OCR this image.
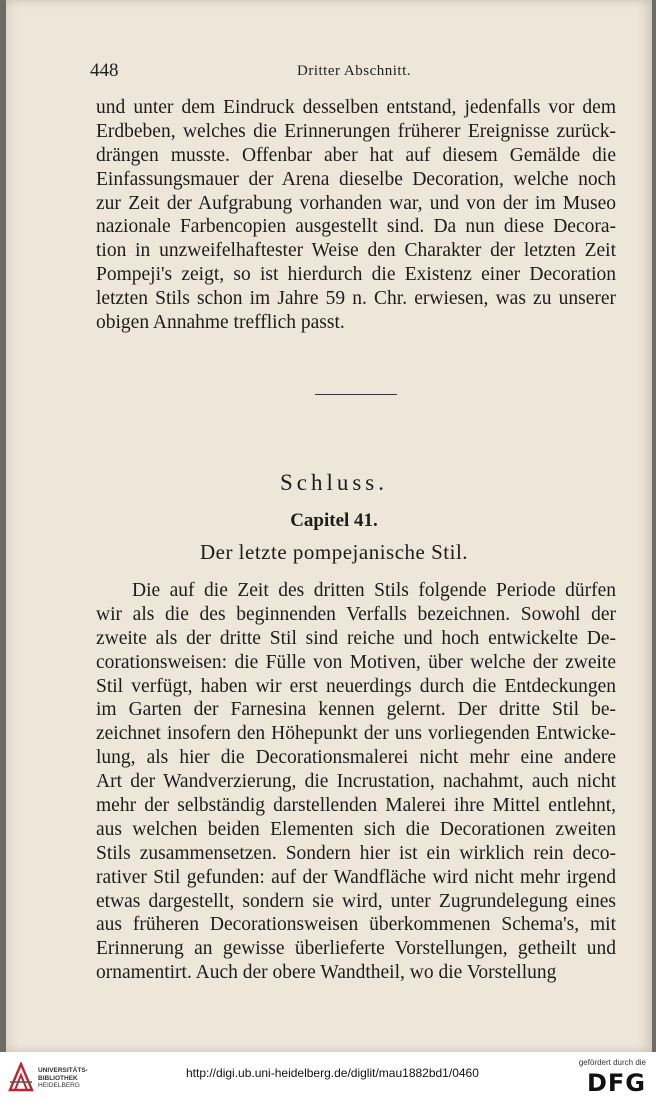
448	Dritter Abschnitt.
und unter dem Eindruck desselben entstand, jedenfalls vor dem
Erdbeben, welches die Erinnerungen früherer Ereignisse zurück-
drängen musste. Offenbar aber hat auf diesem Gemälde die
Einfassungsmauer der Arena dieselbe Decoration, welche noch
zur Zeit der Aufgrabung vorhanden war, und von der im Museo
nazionale Farbencopien ausgestellt sind. Da nun diese Decora-
tion in unzweifelhaftester Weise den Charakter der letzten Zeit
Pompeji's zeigt, so ist hierdurch die Existenz einer Decoration
letzten Stils schon im Jahre 59 n. Chr. erwiesen, was zu unserer
obigen Annahme trefflich passt.
Schluss.
Capitel 41.
Der letzte pompejanische Stil.
Die auf die Zeit des dritten Stils folgende Periode dürfen
wir als die des beginnenden Verfalls bezeichnen. Sowohl der
zweite als der dritte Stil sind reiche und hoch entwickelte De-
corationsweisen: die Fülle von Motiven, über welche der zweite
Stil verfügt, haben wir erst neuerdings durch die Entdeckungen
im Garten der Farnesina kennen gelernt. Der dritte Stil be-
zeichnet insofern den Höhepunkt der uns vorliegenden Entwicke-
lung, als hier die Decorationsmalerei nicht mehr eine andere
Art der Wandverzierung, die Incrustation, nachahmt, auch nicht
mehr der selbständig darstellenden Malerei ihre Mittel entlehnt,
aus welchen beiden Elementen sich die Decorationen zweiten
Stils zusammensetzen. Sondern hier ist ein wirklich rein deco-
rativer Stil gefunden: auf der Wandfläche wird nicht mehr irgend
etwas dargestellt, sondern sie wird, unter Zugrundelegung eines
aus früheren Decorationsweisen überkommenen Schema's, mit
Erinnerung an gewisse überlieferte Vorstellungen, getheilt und
ornamentirt. Auch der obere Wandtheil, wo die Vorstellung
UNIVERSITÄTS-
BIBLIOTHEK
HEIDELBERG
http://digi.ub.uni-heidelberg.de/diglit/mau1882bd1/0460
gefördert durch die
DFG
